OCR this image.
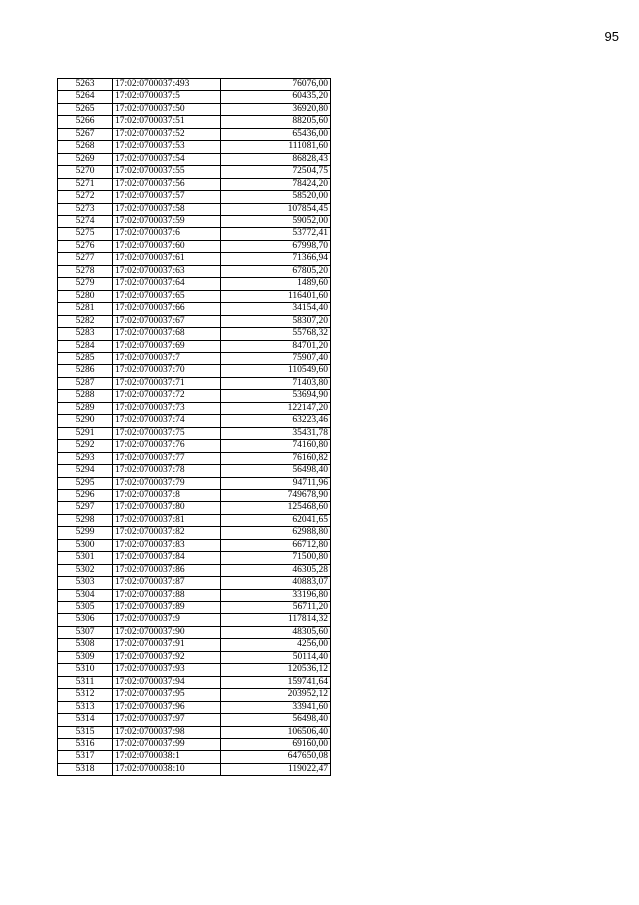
95
5263	17:02:0700037:493	76076,00
5264	17:02:0700037:5	60435,20
5265	17:02:0700037:50	36920,80
5266	17:02:0700037:51	88205,60
5267	17:02:0700037:52	65436,00
5268	17:02:0700037:53	111081,60
5269	17:02:0700037:54	86828,43
5270	17:02:0700037:55	72504,75
5271	17:02:0700037:56	78424,20
5272	17:02:0700037:57	58520,00
5273	17:02:0700037:58	107854,45
5274	17:02:0700037:59	59052,00
5275	17:02:0700037:6	53772,41
5276	17:02:0700037:60	67998,70
5277	17:02:0700037:61	71366,94
5278	17:02:0700037:63	67805,20
5279	17:02:0700037:64	1489,60
5280	17:02:0700037:65	116401,60
5281	17:02:0700037:66	34154,40
5282	17:02:0700037:67	58307,20
5283	17:02:0700037:68	55768,32
5284	17:02:0700037:69	84701,20
5285	17:02:0700037:7	75907,40
5286	17:02:0700037:70	110549,60
5287	17:02:0700037:71	71403,80
5288	17:02:0700037:72	53694,90
5289	17:02:0700037:73	122147,20
5290	17:02:0700037:74	63223,46
5291	17:02:0700037:75	35431,78
5292	17:02:0700037:76	74160,80
5293	17:02:0700037:77	76160,82
5294	17:02:0700037:78	56498,40
5295	17:02:0700037:79	94711,96
5296	17:02:0700037:8	749678,90
5297	17:02:0700037:80	125468,60
5298	17:02:0700037:81	62041,65
5299	17:02:0700037:82	62988,80
5300	17:02:0700037:83	66712,80
5301	17:02:0700037:84	71500,80
5302	17:02:0700037:86	46305,28
5303	17:02:0700037:87	40883,07
5304	17:02:0700037:88	33196,80
5305	17:02:0700037:89	56711,20
5306	17:02:0700037:9	117814,32
5307	17:02:0700037:90	48305,60
5308	17:02:0700037:91	4256,00
5309	17:02:0700037:92	50114,40
5310	17:02:0700037:93	120536,12
5311	17:02:0700037:94	159741,64
5312	17:02:0700037:95	203952,12
5313	17:02:0700037:96	33941,60
5314	17:02:0700037:97	56498,40
5315	17:02:0700037:98	106506,40
5316	17:02:0700037:99	69160,00
5317	17:02:0700038:1	647650,08
5318	17:02:0700038:10	119022,47
